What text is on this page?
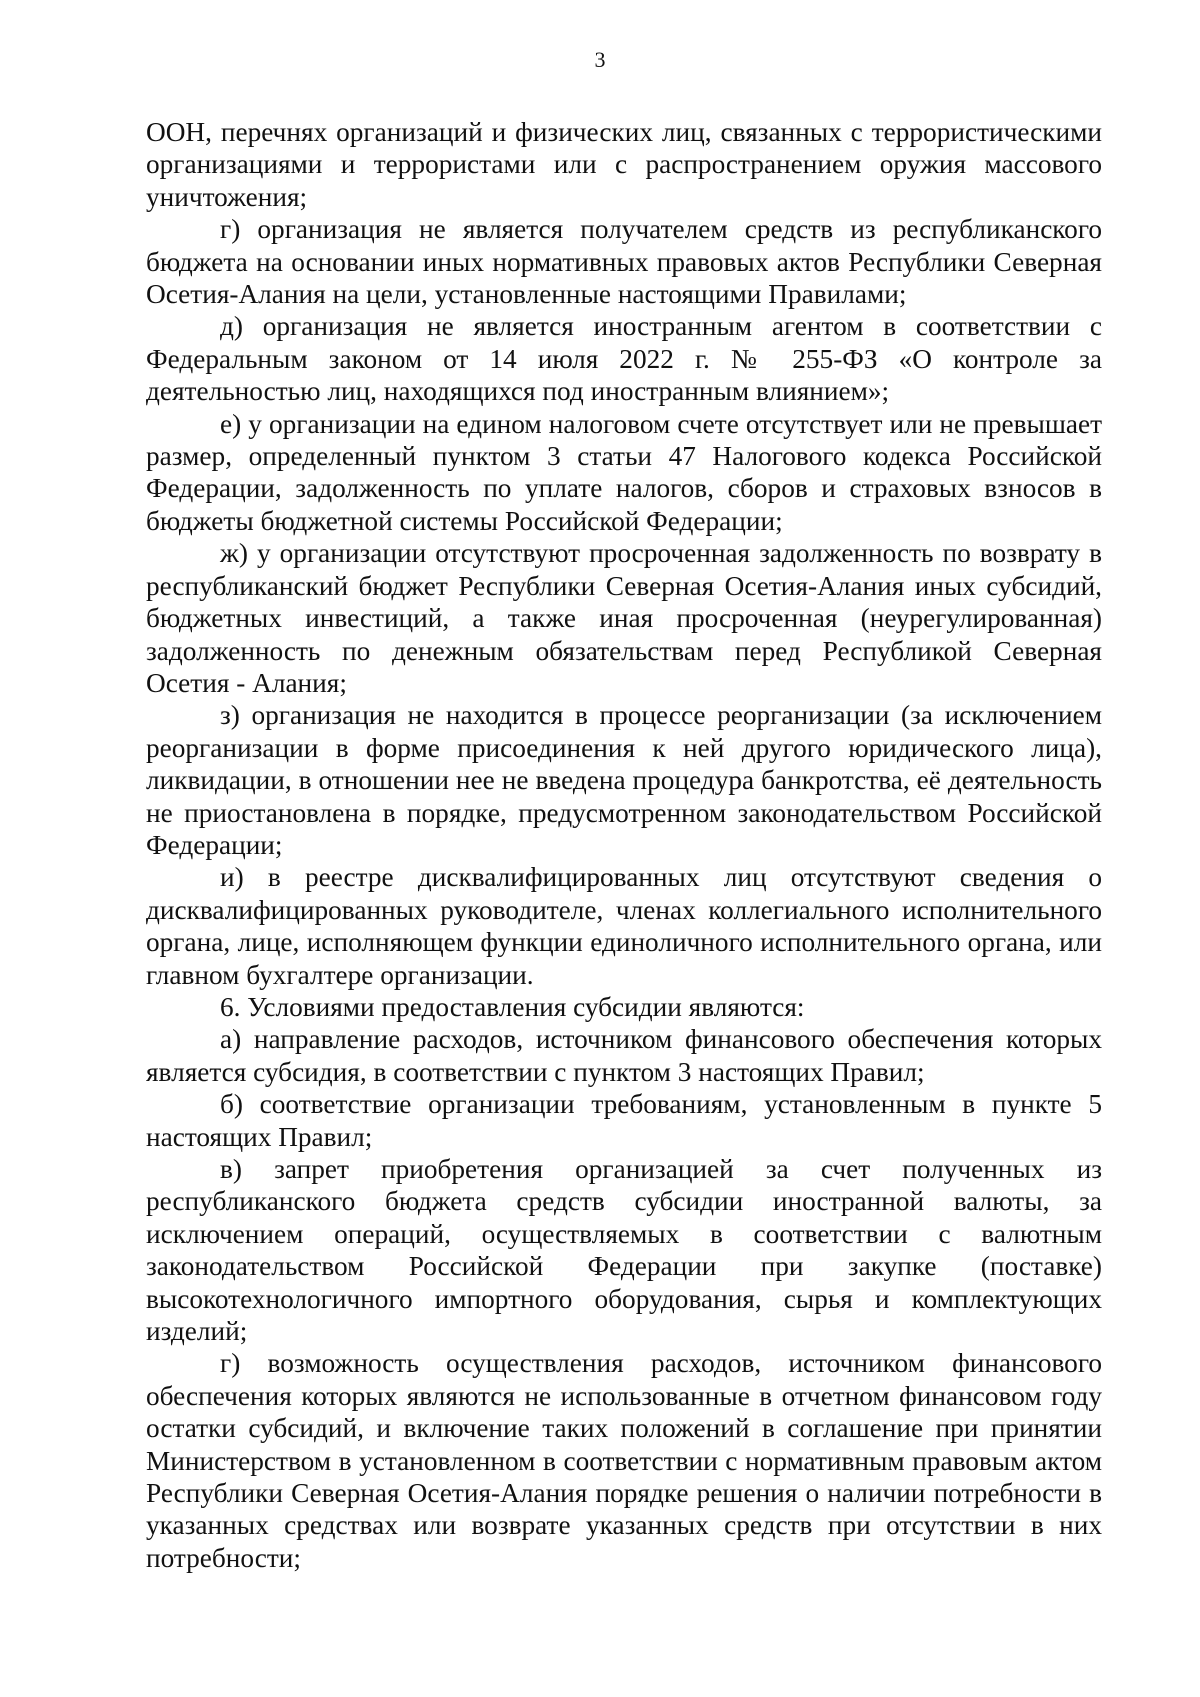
3

ООН, перечнях организаций и физических лиц, связанных с террористическими организациями и террористами или с распространением оружия массового уничтожения;

г) организация не является получателем средств из республиканского бюджета на основании иных нормативных правовых актов Республики Северная Осетия-Алания на цели, установленные настоящими Правилами;

д) организация не является иностранным агентом в соответствии с Федеральным законом от 14 июля 2022 г. № 255-ФЗ «О контроле за деятельностью лиц, находящихся под иностранным влиянием»;

е) у организации на едином налоговом счете отсутствует или не превышает размер, определенный пунктом 3 статьи 47 Налогового кодекса Российской Федерации, задолженность по уплате налогов, сборов и страховых взносов в бюджеты бюджетной системы Российской Федерации;

ж) у организации отсутствуют просроченная задолженность по возврату в республиканский бюджет Республики Северная Осетия-Алания иных субсидий, бюджетных инвестиций, а также иная просроченная (неурегулированная) задолженность по денежным обязательствам перед Республикой Северная Осетия - Алания;

з) организация не находится в процессе реорганизации (за исключением реорганизации в форме присоединения к ней другого юридического лица), ликвидации, в отношении нее не введена процедура банкротства, её деятельность не приостановлена в порядке, предусмотренном законодательством Российской Федерации;

и) в реестре дисквалифицированных лиц отсутствуют сведения о дисквалифицированных руководителе, членах коллегиального исполнительного органа, лице, исполняющем функции единоличного исполнительного органа, или главном бухгалтере организации.

6. Условиями предоставления субсидии являются:

а) направление расходов, источником финансового обеспечения которых является субсидия, в соответствии с пунктом 3 настоящих Правил;

б) соответствие организации требованиям, установленным в пункте 5 настоящих Правил;

в) запрет приобретения организацией за счет полученных из республиканского бюджета средств субсидии иностранной валюты, за исключением операций, осуществляемых в соответствии с валютным законодательством Российской Федерации при закупке (поставке) высокотехнологичного импортного оборудования, сырья и комплектующих изделий;

г) возможность осуществления расходов, источником финансового обеспечения которых являются не использованные в отчетном финансовом году остатки субсидий, и включение таких положений в соглашение при принятии Министерством в установленном в соответствии с нормативным правовым актом Республики Северная Осетия-Алания порядке решения о наличии потребности в указанных средствах или возврате указанных средств при отсутствии в них потребности;
